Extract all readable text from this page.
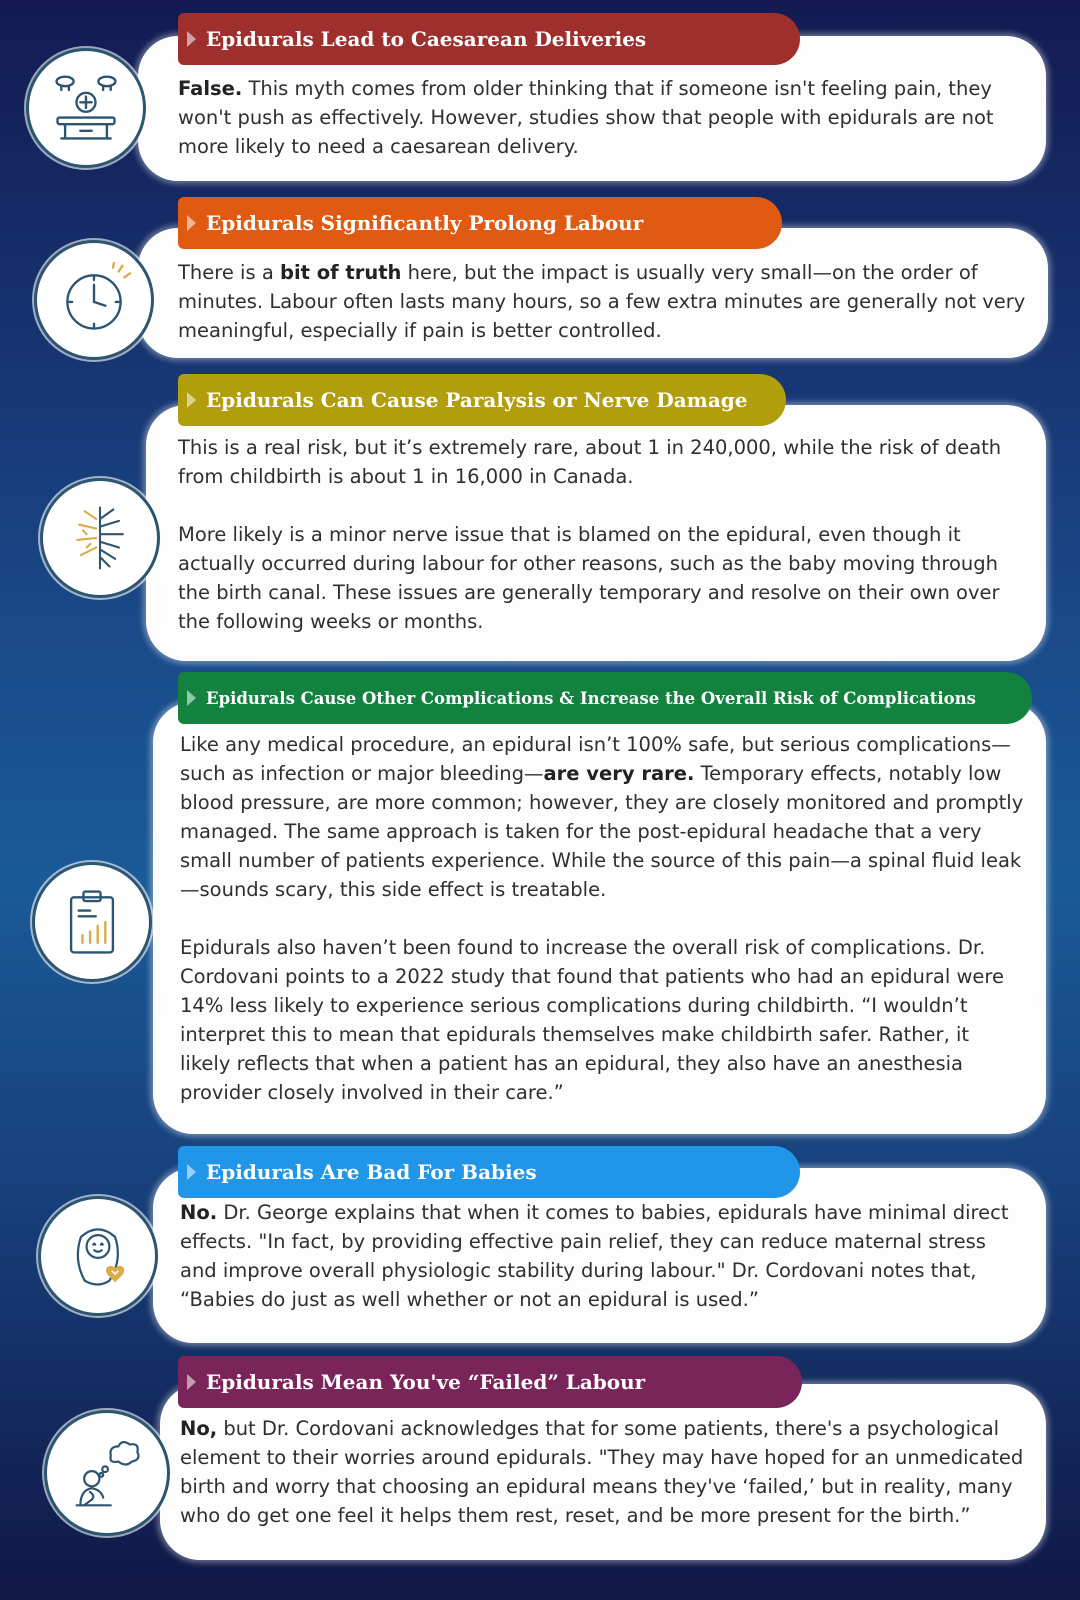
False. This myth comes from older thinking that if someone isn't feeling pain, they won't push as effectively. However, studies show that people with epidurals are not more likely to need a caesarean delivery.

Epidurals Lead to Caesarean Deliveries

There is a bit of truth here, but the impact is usually very small—on the order of minutes. Labour often lasts many hours, so a few extra minutes are generally not very meaningful, especially if pain is better controlled.

Epidurals Significantly Prolong Labour

This is a real risk, but it’s extremely rare, about 1 in 240,000, while the risk of death from childbirth is about 1 in 16,000 in Canada.

More likely is a minor nerve issue that is blamed on the epidural, even though it actually occurred during labour for other reasons, such as the baby moving through the birth canal. These issues are generally temporary and resolve on their own over the following weeks or months.

Epidurals Can Cause Paralysis or Nerve Damage

Like any medical procedure, an epidural isn’t 100% safe, but serious complications—such as infection or major bleeding—are very rare. Temporary effects, notably low blood pressure, are more common; however, they are closely monitored and promptly managed. The same approach is taken for the post-epidural headache that a very small number of patients experience. While the source of this pain—a spinal fluid leak—sounds scary, this side effect is treatable.

Epidurals also haven’t been found to increase the overall risk of complications. Dr. Cordovani points to a 2022 study that found that patients who had an epidural were 14% less likely to experience serious complications during childbirth. “I wouldn’t interpret this to mean that epidurals themselves make childbirth safer. Rather, it likely reflects that when a patient has an epidural, they also have an anesthesia provider closely involved in their care.”

Epidurals Cause Other Complications & Increase the Overall Risk of Complications

No. Dr. George explains that when it comes to babies, epidurals have minimal direct effects. "In fact, by providing effective pain relief, they can reduce maternal stress and improve overall physiologic stability during labour." Dr. Cordovani notes that, “Babies do just as well whether or not an epidural is used.”

Epidurals Are Bad For Babies

No, but Dr. Cordovani acknowledges that for some patients, there's a psychological element to their worries around epidurals. "They may have hoped for an unmedicated birth and worry that choosing an epidural means they've ‘failed,’ but in reality, many who do get one feel it helps them rest, reset, and be more present for the birth.”

Epidurals Mean You've “Failed” Labour
